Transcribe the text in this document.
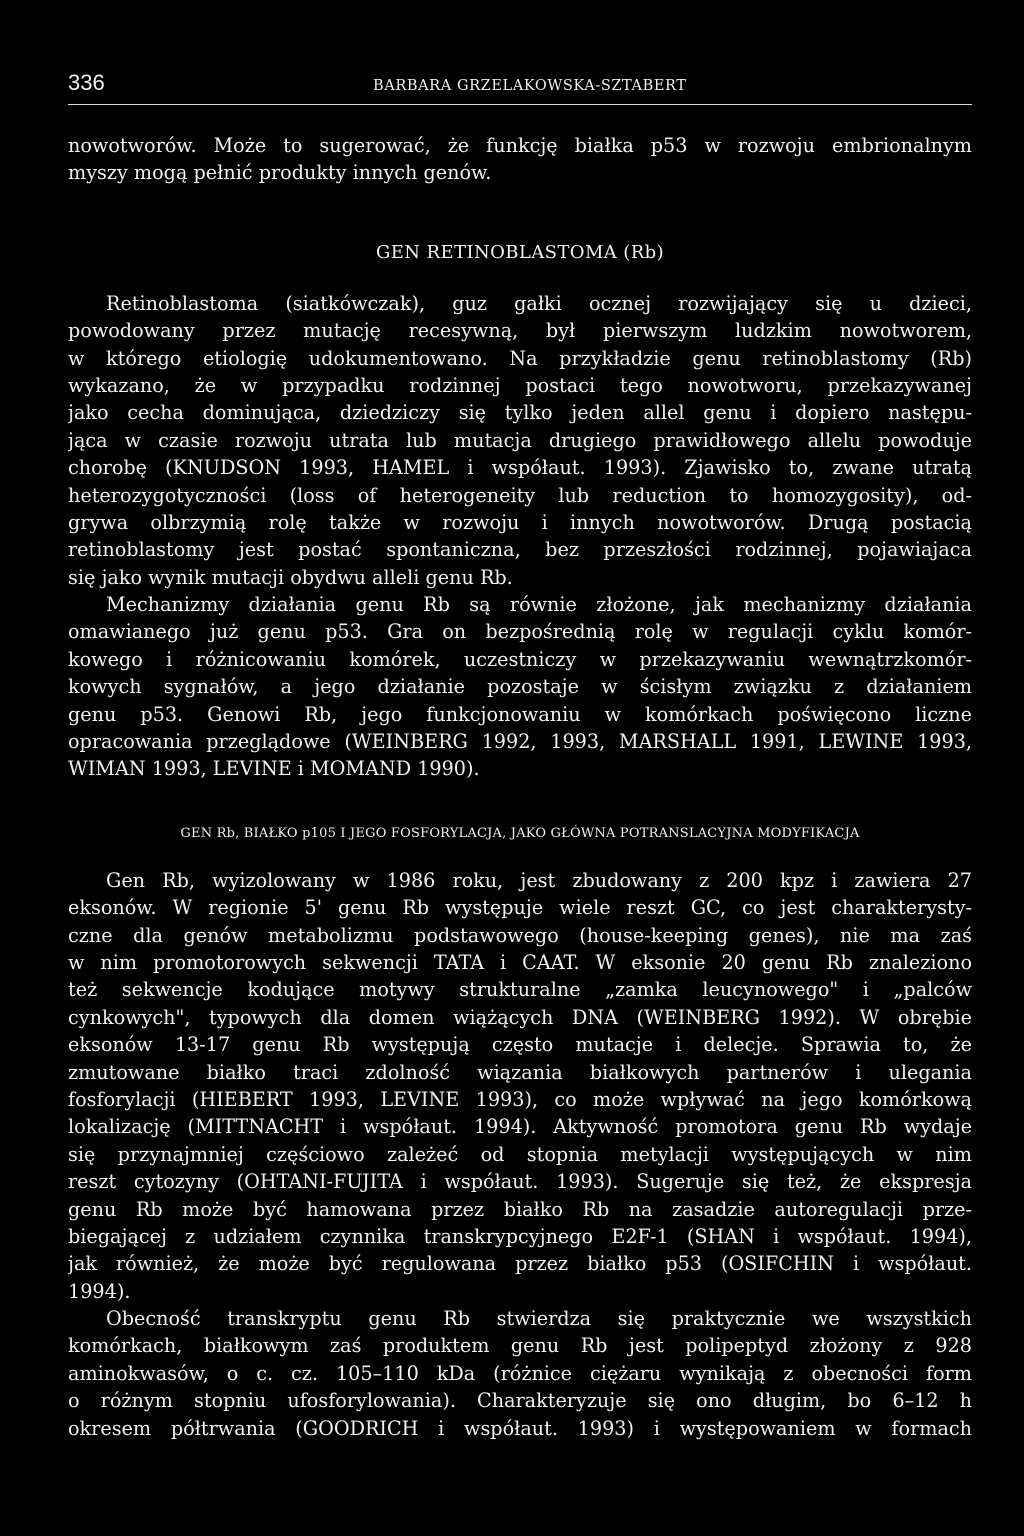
336	BARBARA GRZELAKOWSKA-SZTABERT
nowotworów. Może to sugerować, że funkcję białka p53 w rozwoju embrionalnym
myszy mogą pełnić produkty innych genów.
GEN RETINOBLASTOMA (Rb)
Retinoblastoma (siatkówczak), guz gałki ocznej rozwijający się u dzieci,
powodowany przez mutację recesywną, był pierwszym ludzkim nowotworem,
w którego etiologię udokumentowano. Na przykładzie genu retinoblastomy (Rb)
wykazano, że w przypadku rodzinnej postaci tego nowotworu, przekazywanej
jako cecha dominująca, dziedziczy się tylko jeden allel genu i dopiero następu-
jąca w czasie rozwoju utrata lub mutacja drugiego prawidłowego allelu powoduje
chorobę (KNUDSON 1993, HAMEL i współaut. 1993). Zjawisko to, zwane utratą
heterozygotyczności (loss of heterogeneity lub reduction to homozygosity), od-
grywa olbrzymią rolę także w rozwoju i innych nowotworów. Drugą postacią
retinoblastomy jest postać spontaniczna, bez przeszłości rodzinnej, pojawiajaca
się jako wynik mutacji obydwu alleli genu Rb.
Mechanizmy działania genu Rb są równie złożone, jak mechanizmy działania
omawianego już genu p53. Gra on bezpośrednią rolę w regulacji cyklu komór-
kowego i różnicowaniu komórek, uczestniczy w przekazywaniu wewnątrzkomór-
kowych sygnałów, a jego działanie pozostaje w ścisłym związku z działaniem
genu p53. Genowi Rb, jego funkcjonowaniu w komórkach poświęcono liczne
opracowania przeglądowe (WEINBERG 1992, 1993, MARSHALL 1991, LEWINE 1993,
WIMAN 1993, LEVINE i MOMAND 1990).
GEN Rb, BIAŁKO p105 I JEGO FOSFORYLACJA, JAKO GŁÓWNA POTRANSLACYJNA MODYFIKACJA
Gen Rb, wyizolowany w 1986 roku, jest zbudowany z 200 kpz i zawiera 27
eksonów. W regionie 5' genu Rb występuje wiele reszt GC, co jest charakterysty-
czne dla genów metabolizmu podstawowego (house-keeping genes), nie ma zaś
w nim promotorowych sekwencji TATA i CAAT. W eksonie 20 genu Rb znaleziono
też sekwencje kodujące motywy strukturalne „zamka leucynowego" i „palców
cynkowych", typowych dla domen wiążących DNA (WEINBERG 1992). W obrębie
eksonów 13-17 genu Rb występują często mutacje i delecje. Sprawia to, że
zmutowane białko traci zdolność wiązania białkowych partnerów i ulegania
fosforylacji (HIEBERT 1993, LEVINE 1993), co może wpływać na jego komórkową
lokalizację (MITTNACHT i współaut. 1994). Aktywność promotora genu Rb wydaje
się przynajmniej częściowo zależeć od stopnia metylacji występujących w nim
reszt cytozyny (OHTANI-FUJITA i współaut. 1993). Sugeruje się też, że ekspresja
genu Rb może być hamowana przez białko Rb na zasadzie autoregulacji prze-
biegającej z udziałem czynnika transkrypcyjnego E2F-1 (SHAN i współaut. 1994),
jak również, że może być regulowana przez białko p53 (OSIFCHIN i współaut.
1994).
Obecność transkryptu genu Rb stwierdza się praktycznie we wszystkich
komórkach, białkowym zaś produktem genu Rb jest polipeptyd złożony z 928
aminokwasów, o c. cz. 105–110 kDa (różnice ciężaru wynikają z obecności form
o różnym stopniu ufosforylowania). Charakteryzuje się ono długim, bo 6–12 h
okresem półtrwania (GOODRICH i współaut. 1993) i występowaniem w formach
